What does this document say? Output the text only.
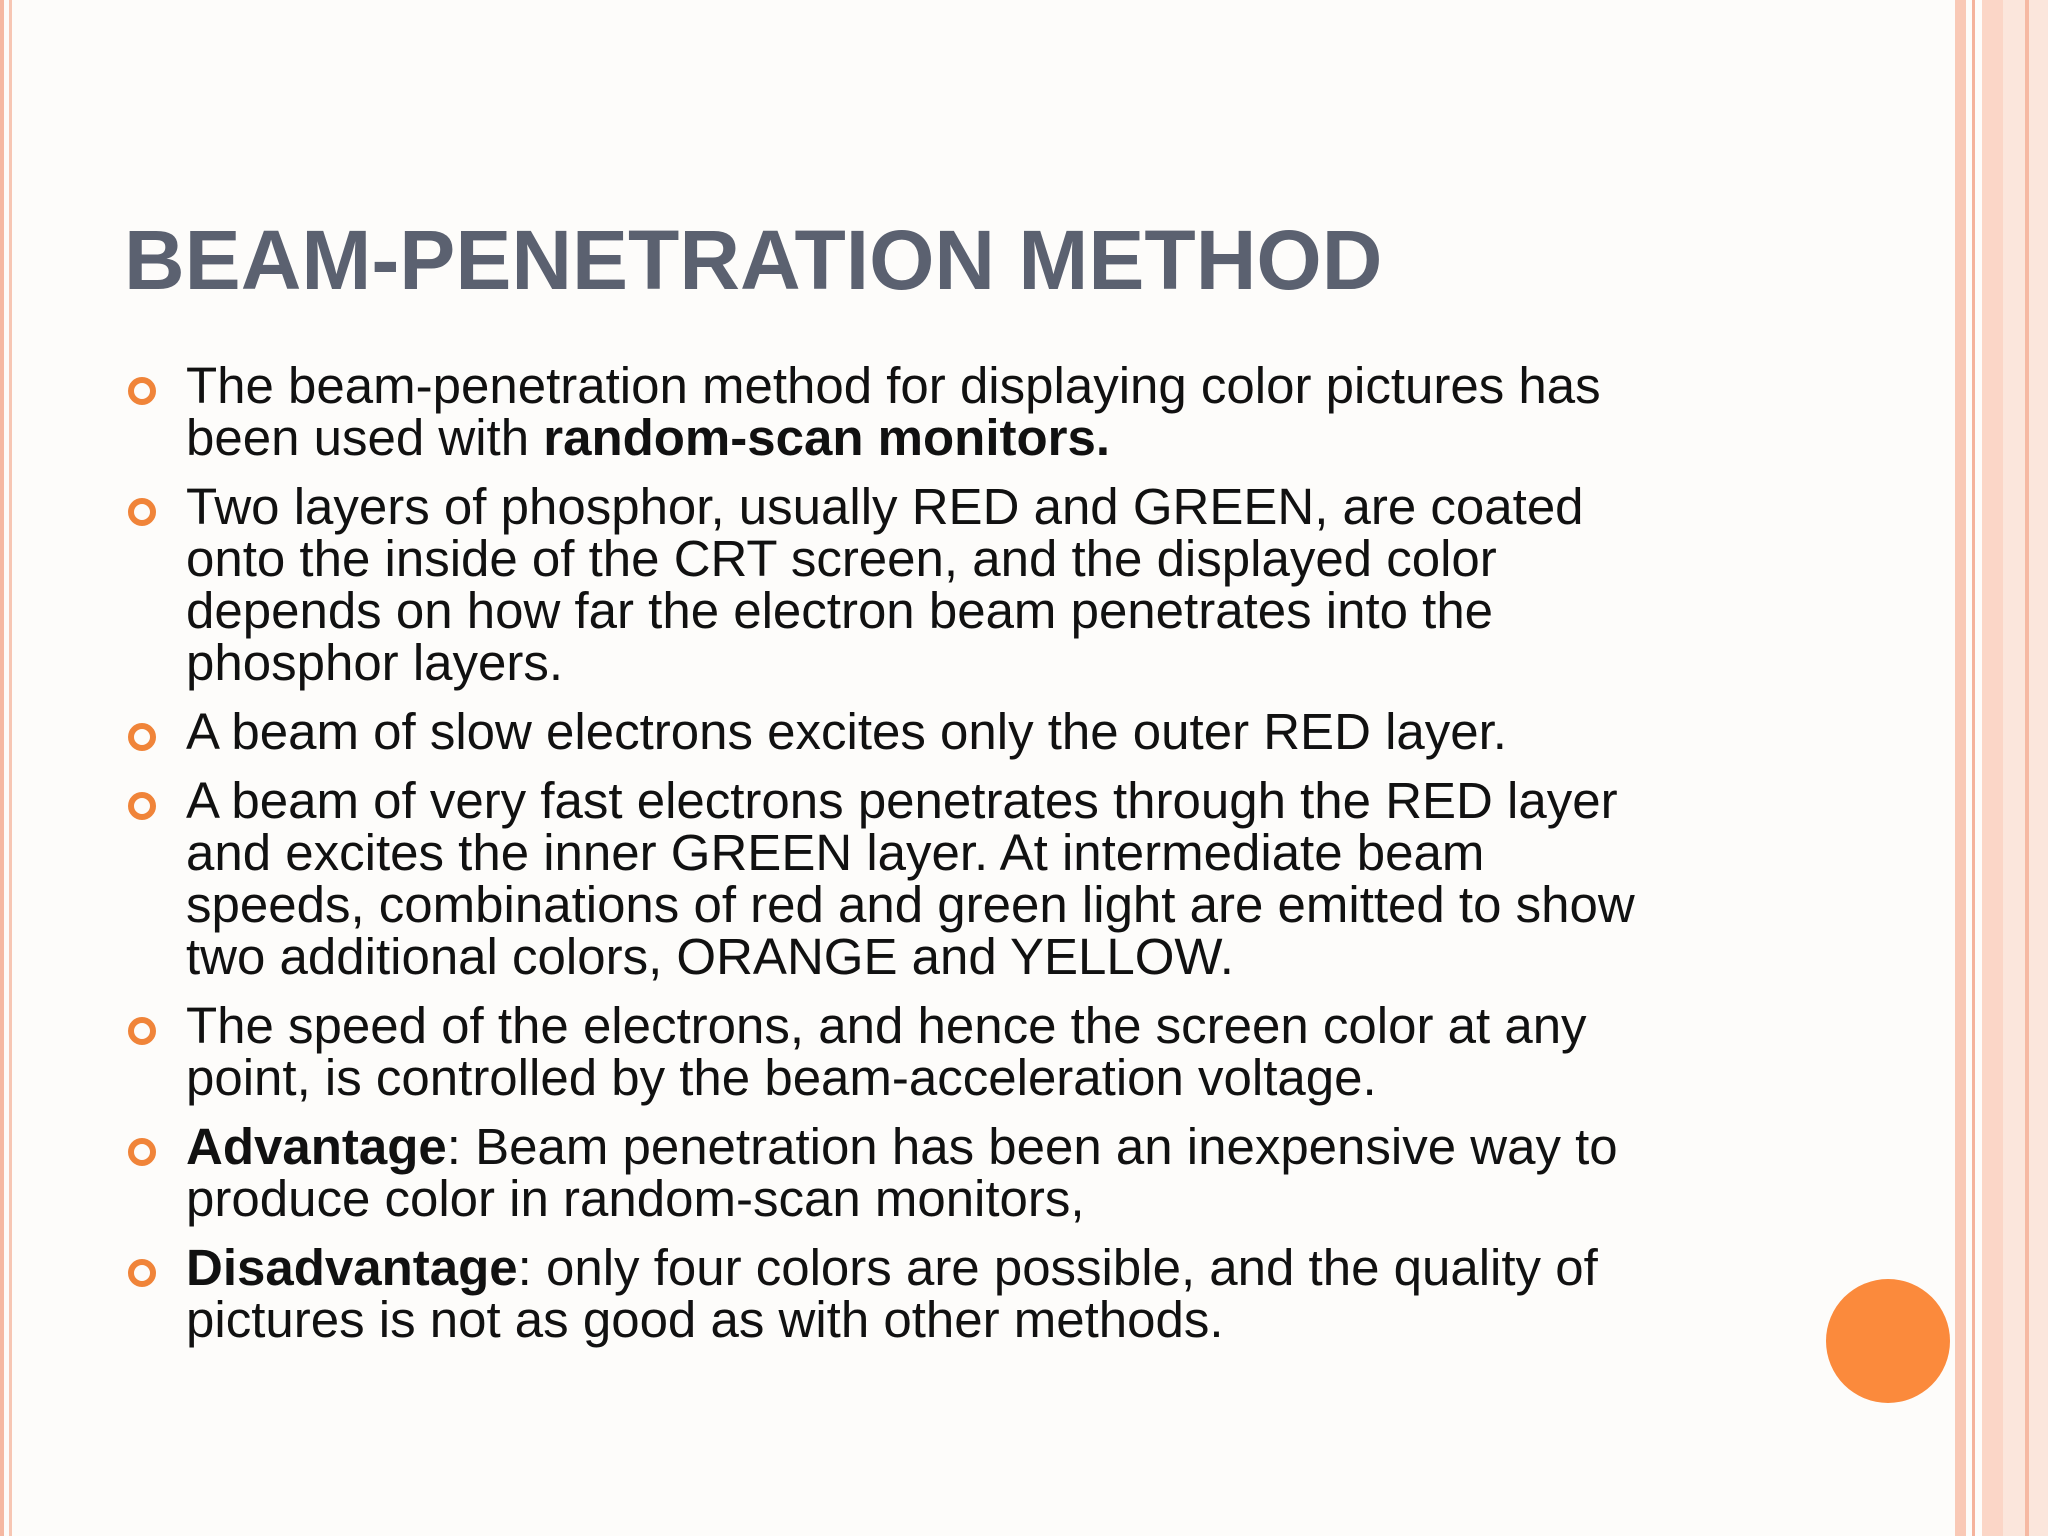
BEAM-PENETRATION METHOD
The beam-penetration method for displaying color pictures has
been used with random-scan monitors.
Two layers of phosphor, usually RED and GREEN, are coated
onto the inside of the CRT screen, and the displayed color
depends on how far the electron beam penetrates into the
phosphor layers.
A beam of slow electrons excites only the outer RED layer.
A beam of very fast electrons penetrates through the RED layer
and excites the inner GREEN layer. At intermediate beam
speeds, combinations of red and green light are emitted to show
two additional colors, ORANGE and YELLOW.
The speed of the electrons, and hence the screen color at any
point, is controlled by the beam-acceleration voltage.
Advantage: Beam penetration has been an inexpensive way to
produce color in random-scan monitors,
Disadvantage: only four colors are possible, and the quality of
pictures is not as good as with other methods.
